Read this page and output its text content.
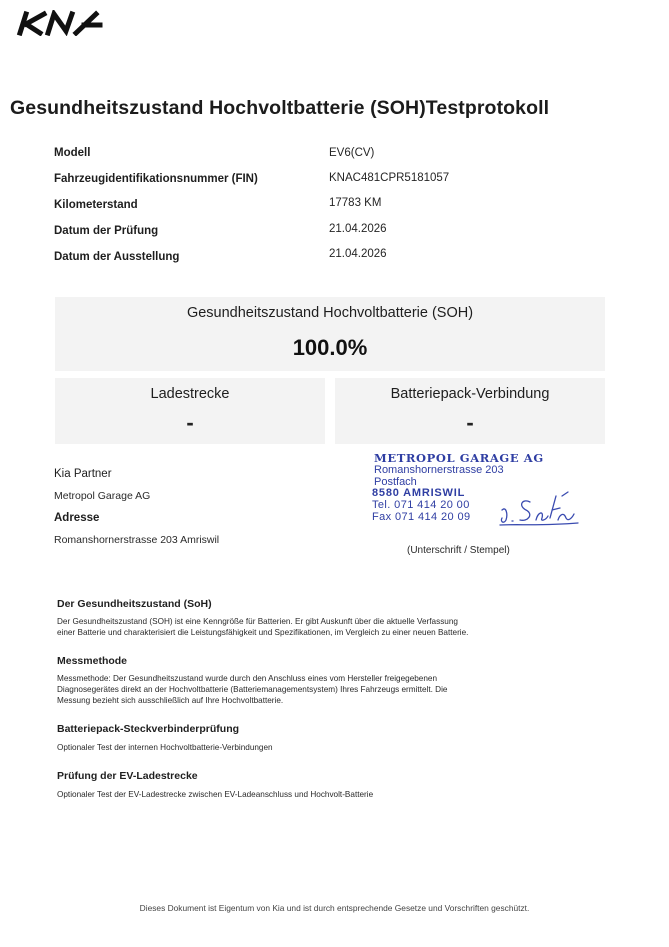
Gesundheitszustand Hochvoltbatterie (SOH)Testprotokoll
Modell	EV6(CV)
Fahrzeugidentifikationsnummer (FIN)	KNAC481CPR5181057
Kilometerstand	17783 KM
Datum der Prüfung	21.04.2026
Datum der Ausstellung	21.04.2026
Gesundheitszustand Hochvoltbatterie (SOH)
100.0%
Ladestrecke
-
Batteriepack-Verbindung
-
Kia Partner
Metropol Garage AG
Adresse
Romanshornerstrasse 203 Amriswil
METROPOL GARAGE AG
Romanshornerstrasse 203
Postfach
8580 AMRISWIL
Tel. 071 414 20 00
Fax 071 414 20 09
(Unterschrift / Stempel)
Der Gesundheitszustand (SoH)
Der Gesundheitszustand (SOH) ist eine Kenngröße für Batterien. Er gibt Auskunft über die aktuelle Verfassung
einer Batterie und charakterisiert die Leistungsfähigkeit und Spezifikationen, im Vergleich zu einer neuen Batterie.
Messmethode
Messmethode: Der Gesundheitszustand wurde durch den Anschluss eines vom Hersteller freigegebenen
Diagnosegerätes direkt an der Hochvoltbatterie (Batteriemanagementsystem) Ihres Fahrzeugs ermittelt. Die
Messung bezieht sich ausschließlich auf Ihre Hochvoltbatterie.
Batteriepack-Steckverbinderprüfung
Optionaler Test der internen Hochvoltbatterie-Verbindungen
Prüfung der EV-Ladestrecke
Optionaler Test der EV-Ladestrecke zwischen EV-Ladeanschluss und Hochvolt-Batterie
Dieses Dokument ist Eigentum von Kia und ist durch entsprechende Gesetze und Vorschriften geschützt.
